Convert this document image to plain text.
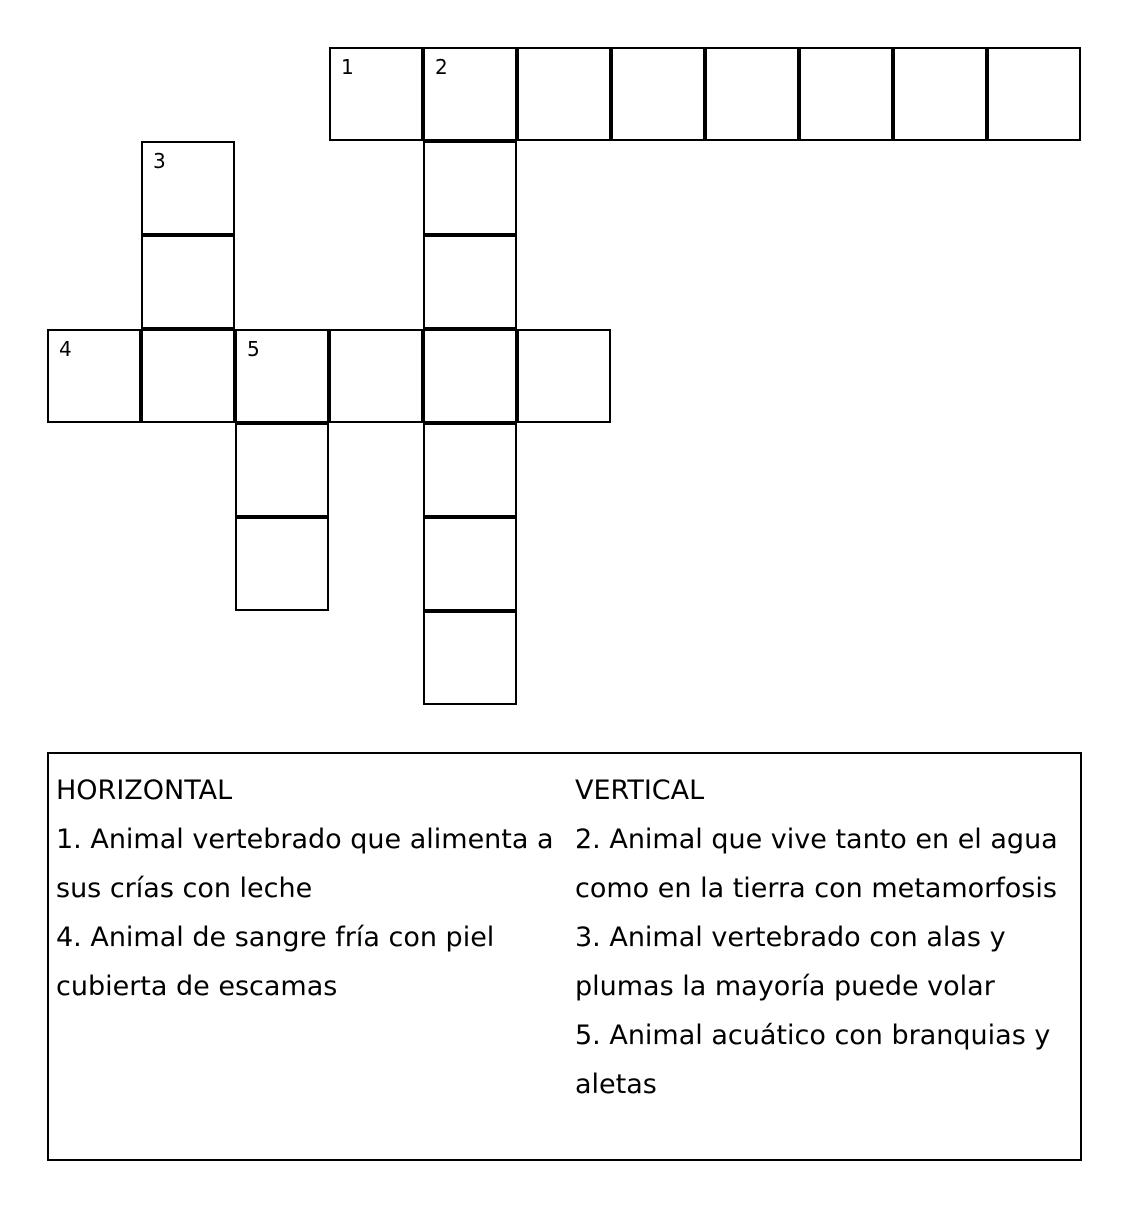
1	2
3
4	5
HORIZONTAL
1. Animal vertebrado que alimenta a
sus crías con leche
4. Animal de sangre fría con piel
cubierta de escamas
VERTICAL
2. Animal que vive tanto en el agua
como en la tierra con metamorfosis
3. Animal vertebrado con alas y
plumas la mayoría puede volar
5. Animal acuático con branquias y
aletas
